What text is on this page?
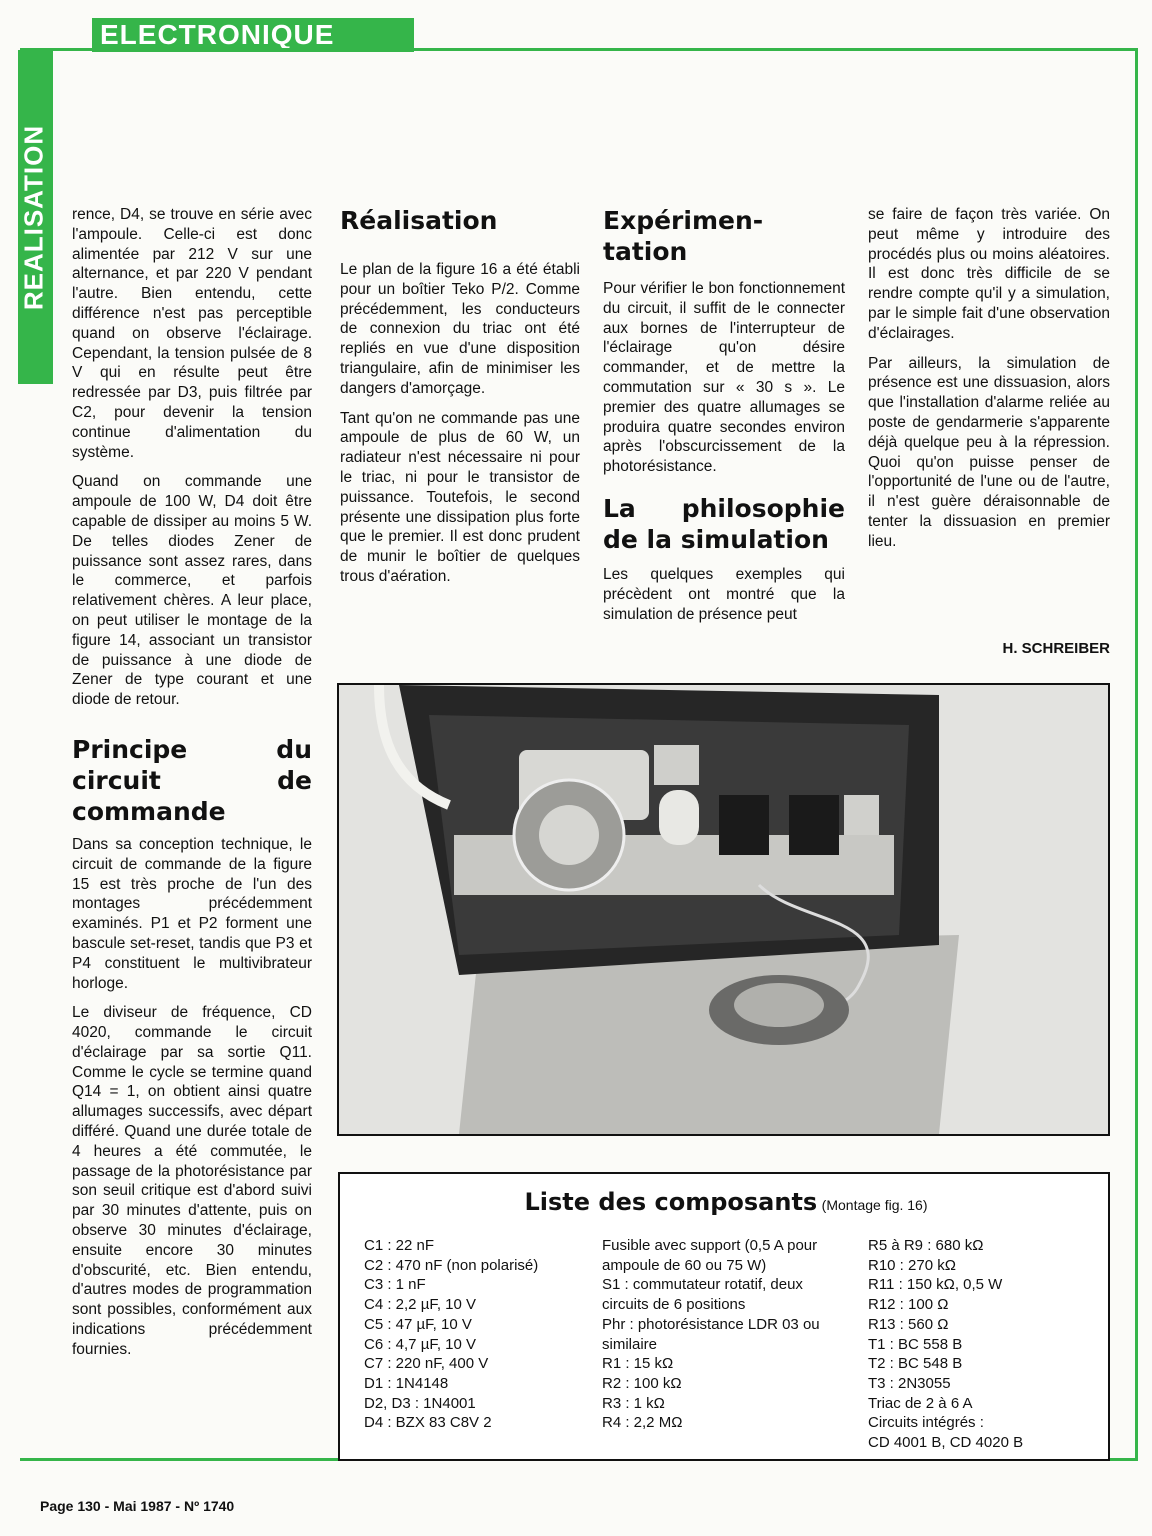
ELECTRONIQUE
REALISATION rence, D4, se trouve en série avec l'ampoule. Celle-ci est donc alimentée par 212 V sur une alternance, et par 220 V pendant l'autre. Bien entendu, cette différence n'est pas perceptible quand on observe l'éclairage. Cependant, la tension pulsée de 8 V qui en résulte peut être redressée par D3, puis filtrée par C2, pour devenir la tension continue d'alimentation du système.

Quand on commande une ampoule de 100 W, D4 doit être capable de dissiper au moins 5 W. De telles diodes Zener de puissance sont assez rares, dans le commerce, et parfois relativement chères. A leur place, on peut utiliser le montage de la figure 14, associant un transistor de puissance à une diode de Zener de type courant et une diode de retour.

Principe du circuit de commande

Dans sa conception technique, le circuit de commande de la figure 15 est très proche de l'un des montages précédemment examinés. P1 et P2 forment une bascule set-reset, tandis que P3 et P4 constituent le multivibrateur horloge.

Le diviseur de fréquence, CD 4020, commande le circuit d'éclairage par sa sortie Q11. Comme le cycle se termine quand Q14 = 1, on obtient ainsi quatre allumages successifs, avec départ différé. Quand une durée totale de 4 heures a été commutée, le passage de la photorésistance par son seuil critique est d'abord suivi par 30 minutes d'attente, puis on observe 30 minutes d'éclairage, ensuite encore 30 minutes d'obscurité, etc. Bien entendu, d'autres modes de programmation sont possibles, conformément aux indications précédemment fournies.

Réalisation

Le plan de la figure 16 a été établi pour un boîtier Teko P/2. Comme précédemment, les conducteurs de connexion du triac ont été repliés en vue d'une disposition triangulaire, afin de minimiser les dangers d'amorçage.

Tant qu'on ne commande pas une ampoule de plus de 60 W, un radiateur n'est nécessaire ni pour le triac, ni pour le transistor de puissance. Toutefois, le second présente une dissipation plus forte que le premier. Il est donc prudent de munir le boîtier de quelques trous d'aération.

Expérimen- tation

Pour vérifier le bon fonctionnement du circuit, il suffit de le connecter aux bornes de l'interrupteur de l'éclairage qu'on désire commander, et de mettre la commutation sur « 30 s ». Le premier des quatre allumages se produira quatre secondes environ après l'obscurcissement de la photorésistance.

La philosophie de la simulation

Les quelques exemples qui précèdent ont montré que la simulation de présence peut

se faire de façon très variée. On peut même y introduire des procédés plus ou moins aléatoires. Il est donc très difficile de se rendre compte qu'il y a simulation, par le simple fait d'une observation d'éclairages.

Par ailleurs, la simulation de présence est une dissuasion, alors que l'installation d'alarme reliée au poste de gendarmerie s'apparente déjà quelque peu à la répression. Quoi qu'on puisse penser de l'opportunité de l'une ou de l'autre, il n'est guère déraisonnable de tenter la dissuasion en premier lieu.

H. SCHREIBER
Liste des composants (Montage fig. 16)
C1 : 22 nF
C2 : 470 nF (non polarisé)
C3 : 1 nF
C4 : 2,2 µF, 10 V
C5 : 47 µF, 10 V
C6 : 4,7 µF, 10 V
C7 : 220 nF, 400 V
D1 : 1N4148
D2, D3 : 1N4001
D4 : BZX 83 C8V 2
Fusible avec support (0,5 A pour ampoule de 60 ou 75 W)
S1 : commutateur rotatif, deux circuits de 6 positions
Phr : photorésistance LDR 03 ou similaire
R1 : 15 kΩ
R2 : 100 kΩ
R3 : 1 kΩ
R4 : 2,2 MΩ
R5 à R9 : 680 kΩ
R10 : 270 kΩ
R11 : 150 kΩ, 0,5 W
R12 : 100 Ω
R13 : 560 Ω
T1 : BC 558 B
T2 : BC 548 B
T3 : 2N3055
Triac de 2 à 6 A
Circuits intégrés :
CD 4001 B, CD 4020 B
Page 130 - Mai 1987 - Nº 1740
